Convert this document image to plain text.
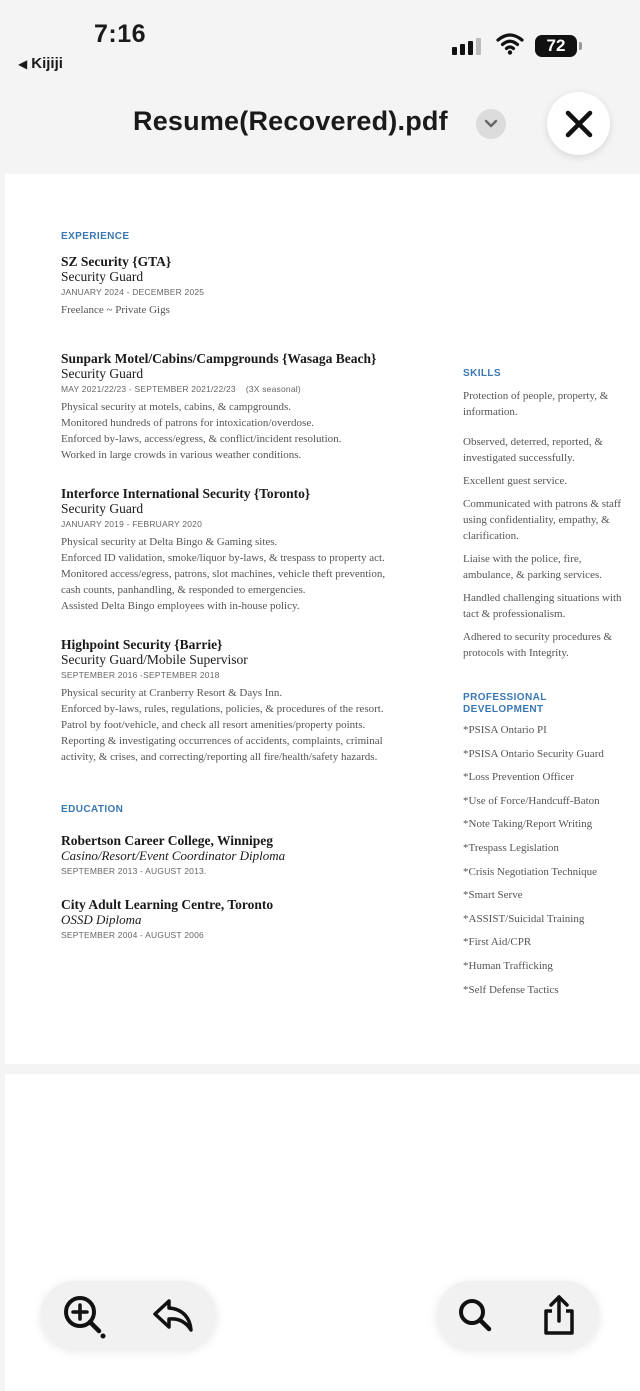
7:16
◀ Kijiji
72
Resume(Recovered).pdf
EXPERIENCE
SZ Security {GTA}
Security Guard
JANUARY 2024 - DECEMBER 2025
Freelance ~ Private Gigs
Sunpark Motel/Cabins/Campgrounds {Wasaga Beach}
Security Guard
MAY 2021/22/23 - SEPTEMBER 2021/22/23 (3X seasonal)
Physical security at motels, cabins, & campgrounds.
Monitored hundreds of patrons for intoxication/overdose.
Enforced by-laws, access/egress, & conflict/incident resolution.
Worked in large crowds in various weather conditions.
Interforce International Security {Toronto}
Security Guard
JANUARY 2019 - FEBRUARY 2020
Physical security at Delta Bingo & Gaming sites.
Enforced ID validation, smoke/liquor by-laws, & trespass to property act.
Monitored access/egress, patrons, slot machines, vehicle theft prevention,
cash counts, panhandling, & responded to emergencies.
Assisted Delta Bingo employees with in-house policy.
Highpoint Security {Barrie}
Security Guard/Mobile Supervisor
SEPTEMBER 2016 -SEPTEMBER 2018
Physical security at Cranberry Resort & Days Inn.
Enforced by-laws, rules, regulations, policies, & procedures of the resort.
Patrol by foot/vehicle, and check all resort amenities/property points.
Reporting & investigating occurrences of accidents, complaints, criminal
activity, & crises, and correcting/reporting all fire/health/safety hazards.
EDUCATION
Robertson Career College, Winnipeg
Casino/Resort/Event Coordinator Diploma
SEPTEMBER 2013 - AUGUST 2013.
City Adult Learning Centre, Toronto
OSSD Diploma
SEPTEMBER 2004 - AUGUST 2006
SKILLS
Protection of people, property, & information.
Observed, deterred, reported, & investigated successfully.
Excellent guest service.
Communicated with patrons & staff using confidentiality, empathy, & clarification.
Liaise with the police, fire, ambulance, & parking services.
Handled challenging situations with tact & professionalism.
Adhered to security procedures & protocols with Integrity.
PROFESSIONAL
DEVELOPMENT
*PSISA Ontario PI
*PSISA Ontario Security Guard
*Loss Prevention Officer
*Use of Force/Handcuff-Baton
*Note Taking/Report Writing
*Trespass Legislation
*Crisis Negotiation Technique
*Smart Serve
*ASSIST/Suicidal Training
*First Aid/CPR
*Human Trafficking
*Self Defense Tactics
